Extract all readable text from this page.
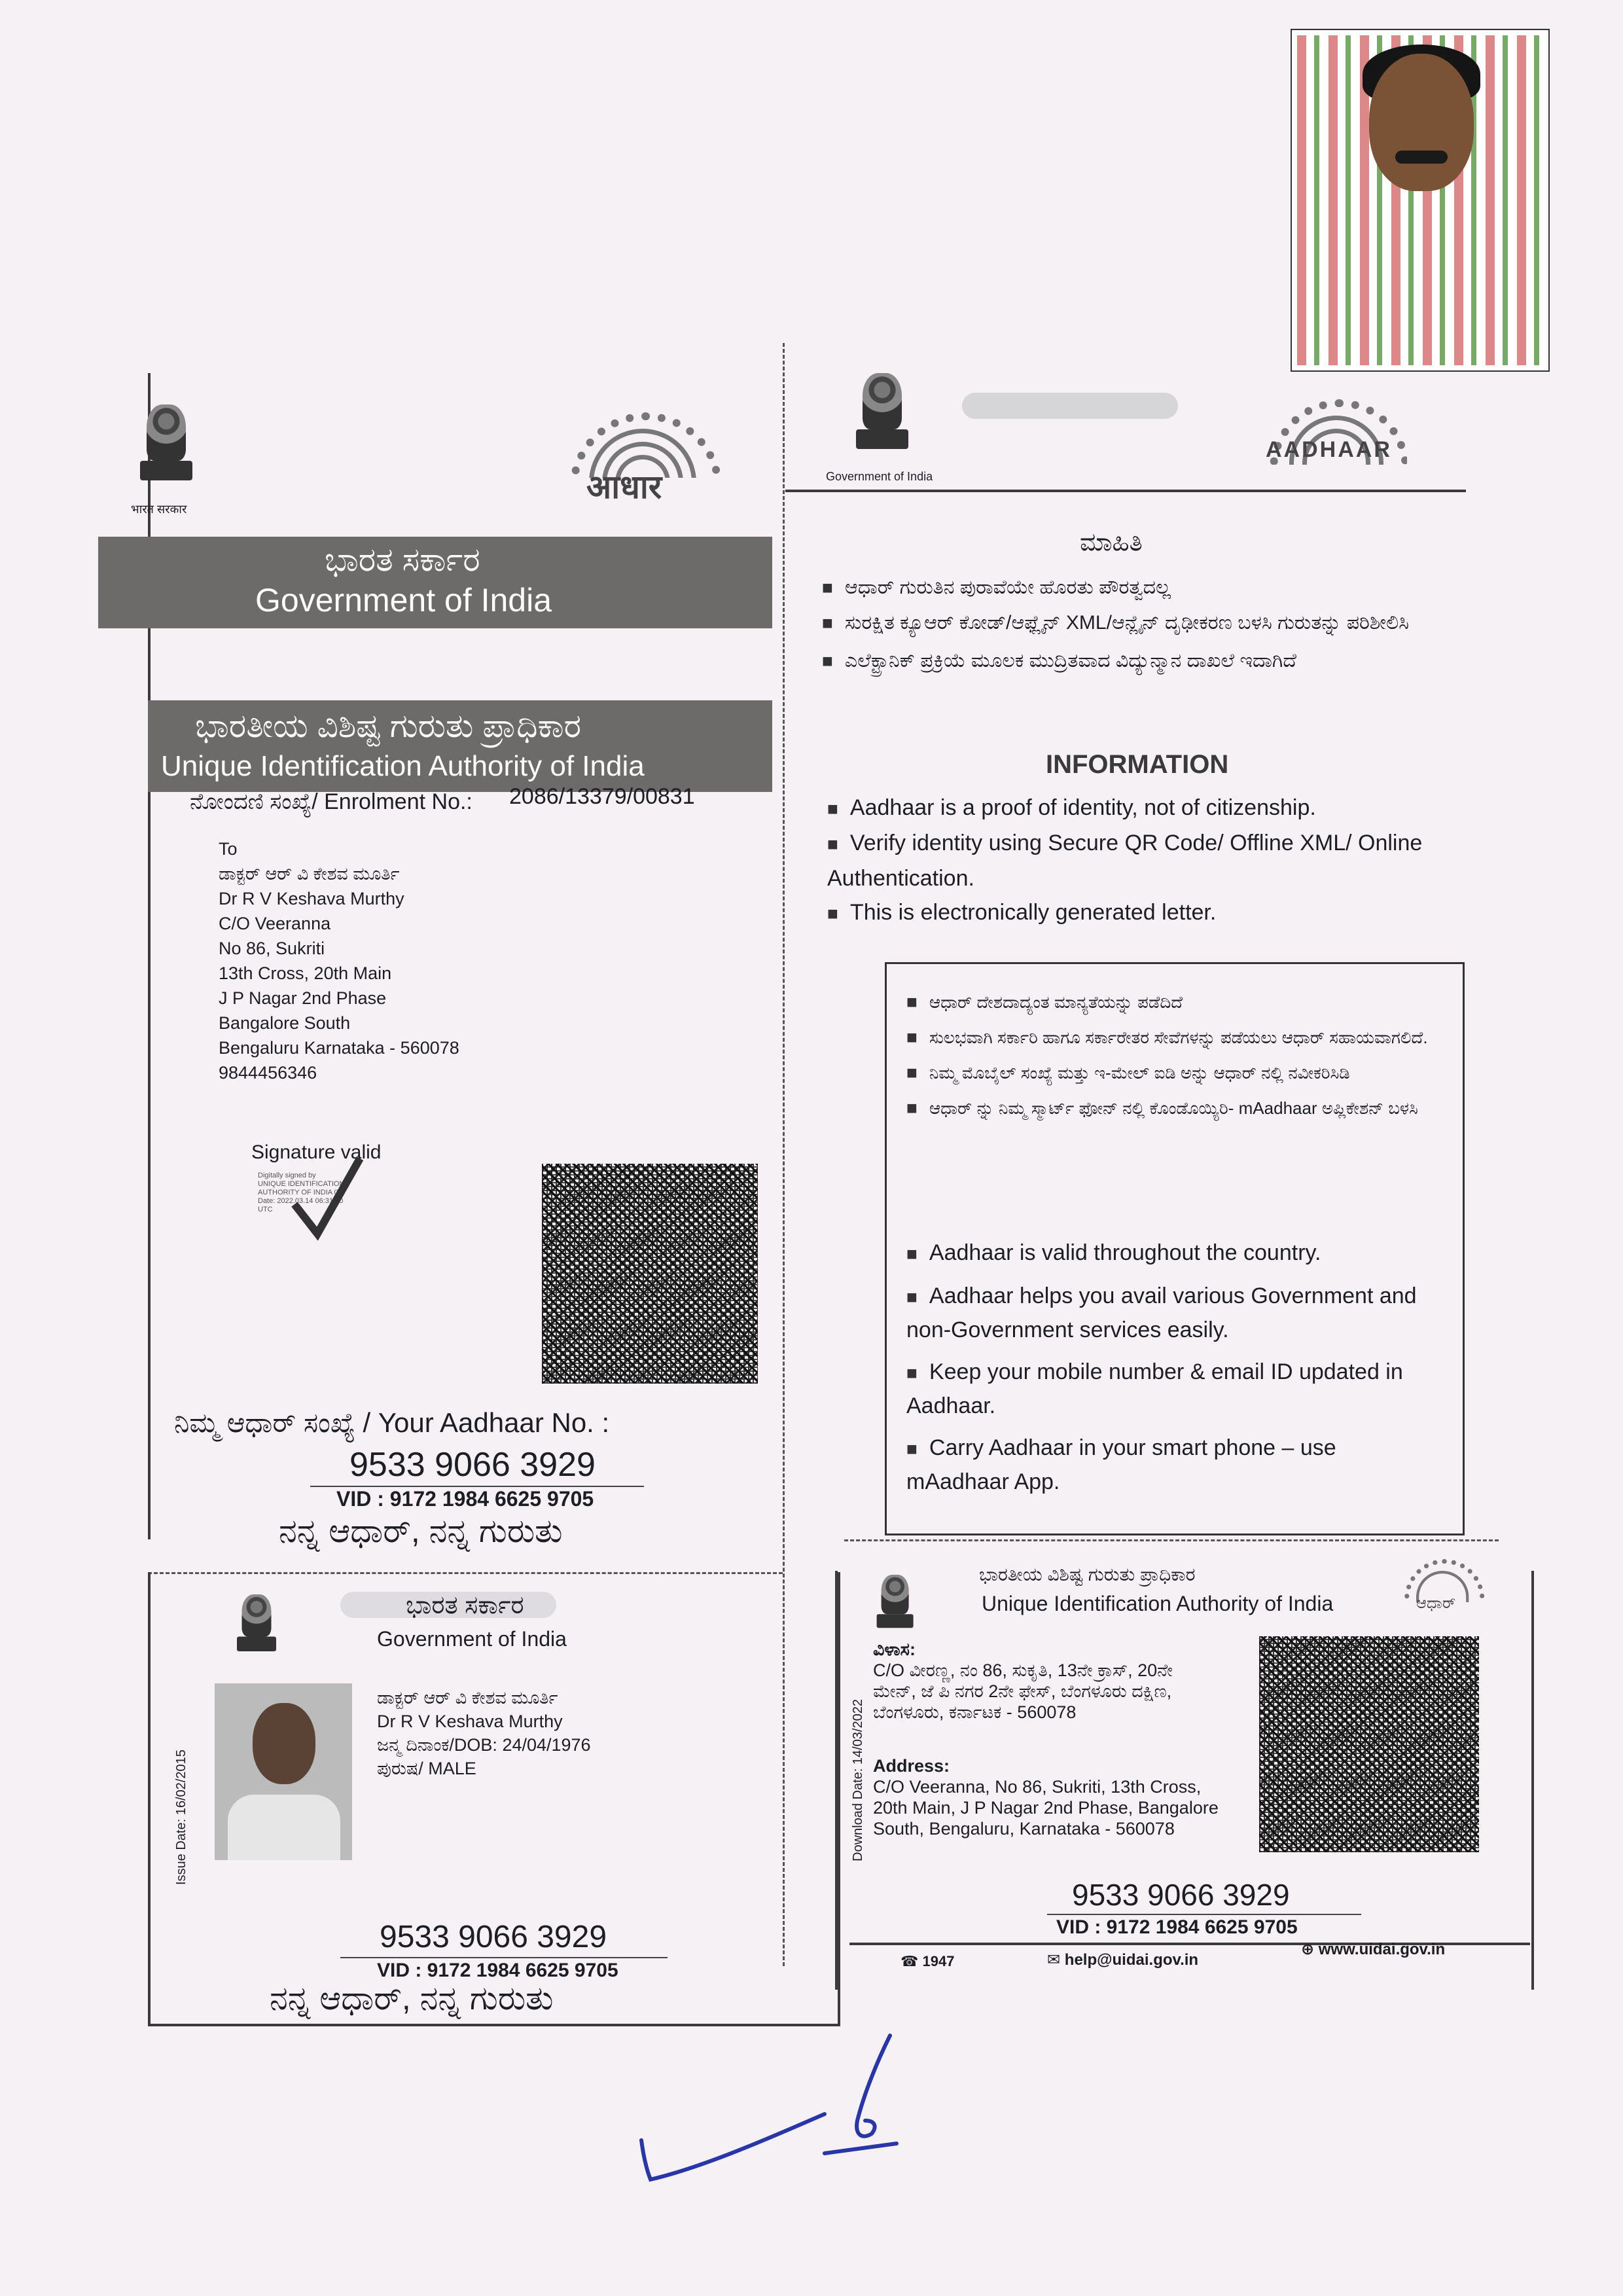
भारत सरकार
आधार
ಭಾರತ ಸರ್ಕಾರ
Government of India
ಭಾರತೀಯ ವಿಶಿಷ್ಟ ಗುರುತು ಪ್ರಾಧಿಕಾರ
Unique Identification Authority of India
ನೋಂದಣಿ ಸಂಖ್ಯೆ/ Enrolment No.: 2086/13379/00831
To
ಡಾಕ್ಟರ್ ಆರ್ ವಿ ಕೇಶವ ಮೂರ್ತಿ
Dr R V Keshava Murthy
C/O Veeranna
No 86, Sukriti
13th Cross, 20th Main
J P Nagar 2nd Phase
Bangalore South
Bengaluru Karnataka - 560078
9844456346
Signature valid
Digitally signed by
UNIQUE IDENTIFICATION
AUTHORITY OF INDIA 04
Date: 2022.03.14 06:31:50
UTC
ನಿಮ್ಮ ಆಧಾರ್ ಸಂಖ್ಯೆ / Your Aadhaar No. :
9533 9066 3929
VID : 9172 1984 6625 9705
ನನ್ನ ಆಧಾರ್, ನನ್ನ ಗುರುತು
Government of India
AADHAAR
ಮಾಹಿತಿ
■ ಆಧಾರ್ ಗುರುತಿನ ಪುರಾವೆಯೇ ಹೊರತು ಪೌರತ್ವದಲ್ಲ
■ ಸುರಕ್ಷಿತ ಕ್ಯೂಆರ್ ಕೋಡ್/ಆಫ್ಲೈನ್ XML/ಆನ್ಲೈನ್ ದೃಢೀಕರಣ ಬಳಸಿ ಗುರುತನ್ನು ಪರಿಶೀಲಿಸಿ
■ ಎಲೆಕ್ಟ್ರಾನಿಕ್ ಪ್ರಕ್ರಿಯೆ ಮೂಲಕ ಮುದ್ರಿತವಾದ ವಿದ್ಯುನ್ಮಾನ ದಾಖಲೆ ಇದಾಗಿದೆ
INFORMATION
■ Aadhaar is a proof of identity, not of citizenship.
■ Verify identity using Secure QR Code/ Offline XML/ Online Authentication.
■ This is electronically generated letter.
■ ಆಧಾರ್ ದೇಶದಾದ್ಯಂತ ಮಾನ್ಯತೆಯನ್ನು ಪಡೆದಿದೆ
■ ಸುಲಭವಾಗಿ ಸರ್ಕಾರಿ ಹಾಗೂ ಸರ್ಕಾರೇತರ ಸೇವೆಗಳನ್ನು ಪಡೆಯಲು ಆಧಾರ್ ಸಹಾಯವಾಗಲಿದೆ.
■ ನಿಮ್ಮ ಮೊಬೈಲ್ ಸಂಖ್ಯೆ ಮತ್ತು ಇ-ಮೇಲ್ ಐಡಿ ಅನ್ನು ಆಧಾರ್ ನಲ್ಲಿ ನವೀಕರಿಸಿಡಿ
■ ಆಧಾರ್ ನ್ನು ನಿಮ್ಮ ಸ್ಮಾರ್ಟ್ ಫೋನ್ ನಲ್ಲಿ ಕೊಂಡೊಯ್ಯಿರಿ- mAadhaar ಅಪ್ಲಿಕೇಶನ್ ಬಳಸಿ
■ Aadhaar is valid throughout the country.
■ Aadhaar helps you avail various Government and non-Government services easily.
■ Keep your mobile number & email ID updated in Aadhaar.
■ Carry Aadhaar in your smart phone – use mAadhaar App.
ಭಾರತ ಸರ್ಕಾರ
Government of India
Issue Date: 16/02/2015
ಡಾಕ್ಟರ್ ಆರ್ ವಿ ಕೇಶವ ಮೂರ್ತಿ
Dr R V Keshava Murthy
ಜನ್ಮ ದಿನಾಂಕ/DOB: 24/04/1976
ಪುರುಷ/ MALE
9533 9066 3929
VID : 9172 1984 6625 9705
ನನ್ನ ಆಧಾರ್, ನನ್ನ ಗುರುತು
ಭಾರತೀಯ ವಿಶಿಷ್ಟ ಗುರುತು ಪ್ರಾಧಿಕಾರ
Unique Identification Authority of India	ಆಧಾರ್
Download Date: 14/03/2022
ವಿಳಾಸ:
C/O ವೀರಣ್ಣ, ನಂ 86, ಸುಕೃತಿ, 13ನೇ ಕ್ರಾಸ್, 20ನೇ ಮೇನ್, ಜೆ ಪಿ ನಗರ 2ನೇ ಫೇಸ್, ಬೆಂಗಳೂರು ದಕ್ಷಿಣ, ಬೆಂಗಳೂರು, ಕರ್ನಾಟಕ - 560078
Address:
C/O Veeranna, No 86, Sukriti, 13th Cross, 20th Main, J P Nagar 2nd Phase, Bangalore South, Bengaluru, Karnataka - 560078
9533 9066 3929
VID : 9172 1984 6625 9705
☎ 1947	✉ help@uidai.gov.in
⊕ www.uidai.gov.in
